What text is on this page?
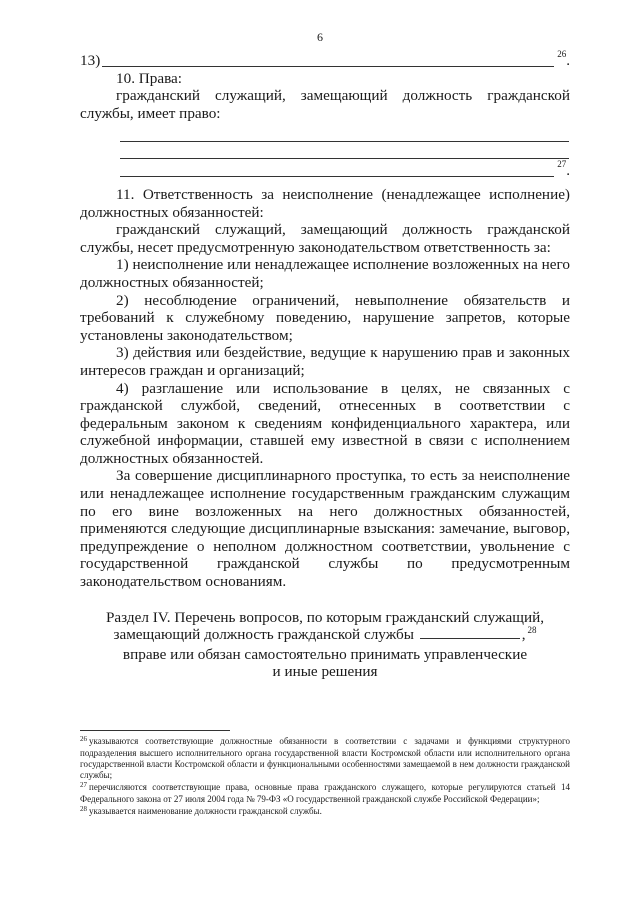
6
13)	26 .

10. Права:

гражданский служащий, замещающий должность гражданской службы, имеет право:

27 .

11. Ответственность за неисполнение (ненадлежащее исполнение) должностных обязанностей:

гражданский служащий, замещающий должность гражданской службы, несет предусмотренную законодательством ответственность за:

1) неисполнение или ненадлежащее исполнение возложенных на него должностных обязанностей;

2) несоблюдение ограничений, невыполнение обязательств и требований к служебному поведению, нарушение запретов, которые установлены законодательством;

3) действия или бездействие, ведущие к нарушению прав и законных интересов граждан и организаций;

4) разглашение или использование в целях, не связанных с гражданской службой, сведений, отнесенных в соответствии с федеральным законом к сведениям конфиденциального характера, или служебной информации, ставшей ему известной в связи с исполнением должностных обязанностей.

За совершение дисциплинарного проступка, то есть за неисполнение или ненадлежащее исполнение государственным гражданским служащим по его вине возложенных на него должностных обязанностей, применяются следующие дисциплинарные взыскания: замечание, выговор, предупреждение о неполном должностном соответствии, увольнение с государственной гражданской службы по предусмотренным законодательством основаниям.

Раздел IV. Перечень вопросов, по которым гражданский служащий,
замещающий должность гражданской службы	, $^{28}$
вправе или обязан самостоятельно принимать управленческие
и иные решения

$^{26}$ указываются соответствующие должностные обязанности в соответствии с задачами и функциями структурного подразделения высшего исполнительного органа государственной власти Костромской области или исполнительного органа государственной власти Костромской области и функциональными особенностями замещаемой в нем должности гражданской службы;

$^{27}$ перечисляются соответствующие права, основные права гражданского служащего, которые регулируются статьей 14 Федерального закона от 27 июля 2004 года № 79-ФЗ «О государственной гражданской службе Российской Федерации»;

$^{28}$ указывается наименование должности гражданской службы.
